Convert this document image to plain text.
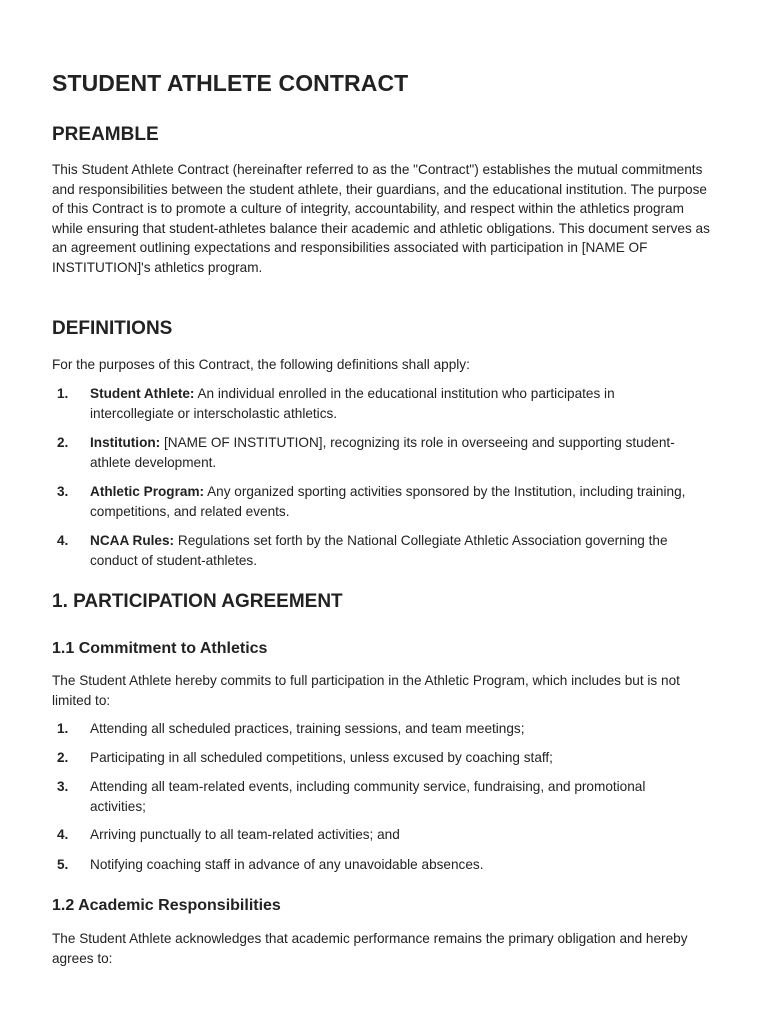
STUDENT ATHLETE CONTRACT
PREAMBLE

This Student Athlete Contract (hereinafter referred to as the "Contract") establishes the mutual commitments and responsibilities between the student athlete, their guardians, and the educational institution. The purpose of this Contract is to promote a culture of integrity, accountability, and respect within the athletics program while ensuring that student-athletes balance their academic and athletic obligations. This document serves as an agreement outlining expectations and responsibilities associated with participation in [NAME OF INSTITUTION]'s athletics program.

DEFINITIONS

For the purposes of this Contract, the following definitions shall apply:

1. Student Athlete: An individual enrolled in the educational institution who participates in intercollegiate or interscholastic athletics.
2. Institution: [NAME OF INSTITUTION], recognizing its role in overseeing and supporting student-athlete development.
3. Athletic Program: Any organized sporting activities sponsored by the Institution, including training, competitions, and related events.
4. NCAA Rules: Regulations set forth by the National Collegiate Athletic Association governing the conduct of student-athletes.
1. PARTICIPATION AGREEMENT
1.1 Commitment to Athletics

The Student Athlete hereby commits to full participation in the Athletic Program, which includes but is not limited to:

1. Attending all scheduled practices, training sessions, and team meetings;
2. Participating in all scheduled competitions, unless excused by coaching staff;
3. Attending all team-related events, including community service, fundraising, and promotional activities;
4. Arriving punctually to all team-related activities; and
5. Notifying coaching staff in advance of any unavoidable absences.
1.2 Academic Responsibilities

The Student Athlete acknowledges that academic performance remains the primary obligation and hereby agrees to:
